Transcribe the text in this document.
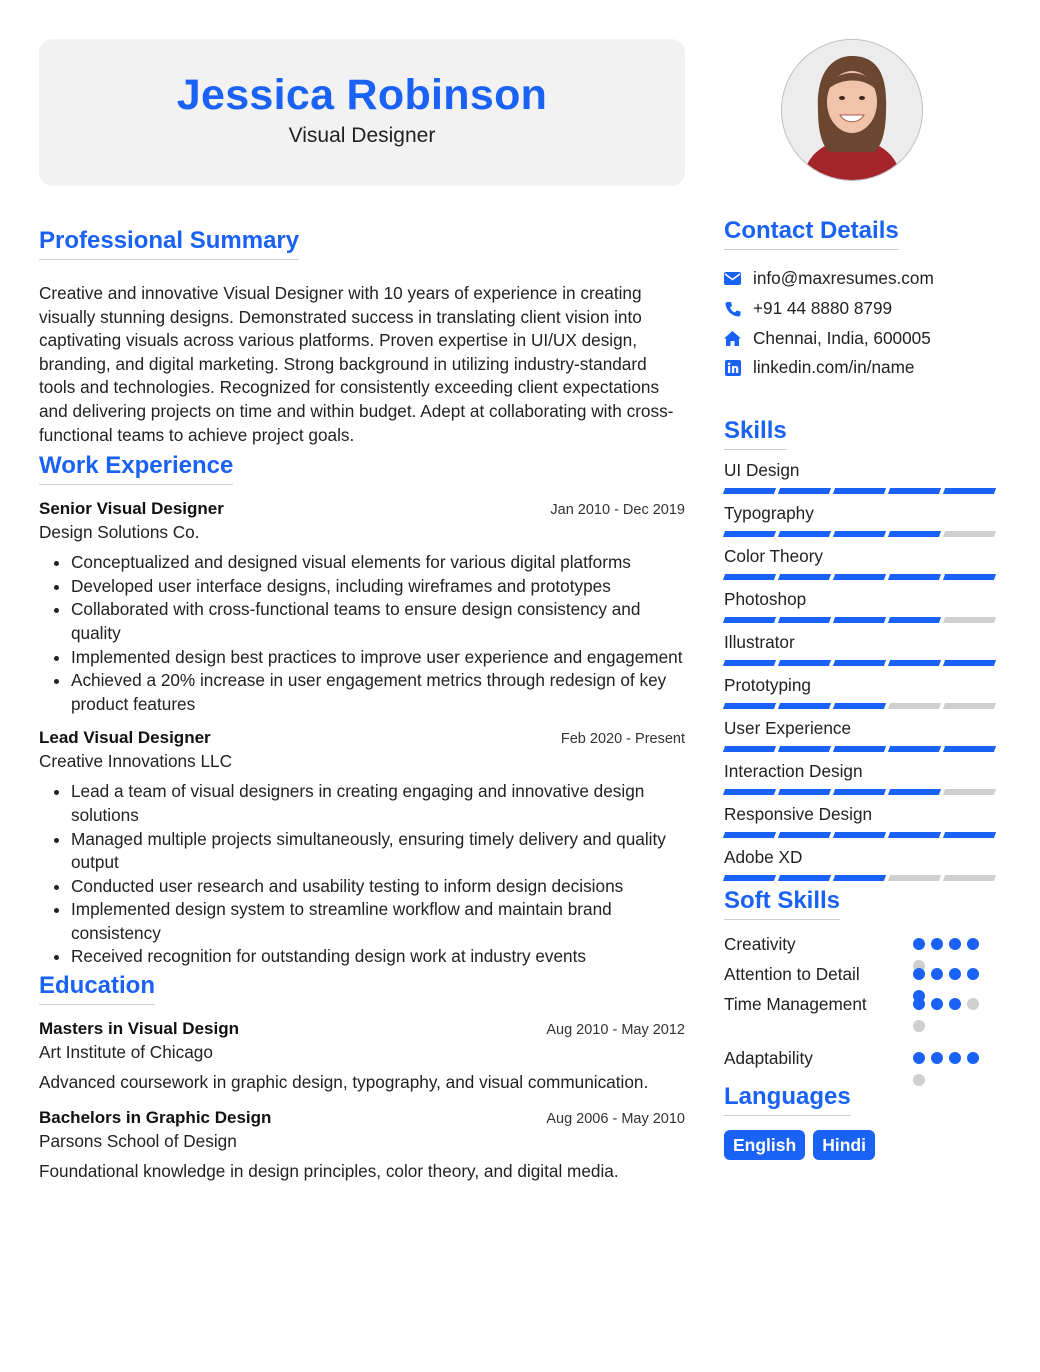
Jessica Robinson
Visual Designer
Professional Summary

Creative and innovative Visual Designer with 10 years of experience in creating visually stunning designs. Demonstrated success in translating client vision into captivating visuals across various platforms. Proven expertise in UI/UX design, branding, and digital marketing. Strong background in utilizing industry-standard tools and technologies. Recognized for consistently exceeding client expectations and delivering projects on time and within budget. Adept at collaborating with cross-functional teams to achieve project goals.

Work Experience
Senior Visual Designer	Jan 2010 - Dec 2019
Design Solutions Co.
• Conceptualized and designed visual elements for various digital platforms
• Developed user interface designs, including wireframes and prototypes
• Collaborated with cross-functional teams to ensure design consistency and quality
• Implemented design best practices to improve user experience and engagement
• Achieved a 20% increase in user engagement metrics through redesign of key product features
Lead Visual Designer	Feb 2020 - Present
Creative Innovations LLC
• Lead a team of visual designers in creating engaging and innovative design solutions
• Managed multiple projects simultaneously, ensuring timely delivery and quality output
• Conducted user research and usability testing to inform design decisions
• Implemented design system to streamline workflow and maintain brand consistency
• Received recognition for outstanding design work at industry events
Education
Masters in Visual Design	Aug 2010 - May 2012
Art Institute of Chicago
Advanced coursework in graphic design, typography, and visual communication.
Bachelors in Graphic Design	Aug 2006 - May 2010
Parsons School of Design
Foundational knowledge in design principles, color theory, and digital media.
Contact Details
info@maxresumes.com
+91 44 8880 8799
Chennai, India, 600005
linkedin.com/in/name
Skills
UI Design
Typography
Color Theory
Photoshop
Illustrator
Prototyping
User Experience
Interaction Design
Responsive Design
Adobe XD
Soft Skills
Creativity
Attention to Detail
Time Management
Adaptability
Languages
English	Hindi
